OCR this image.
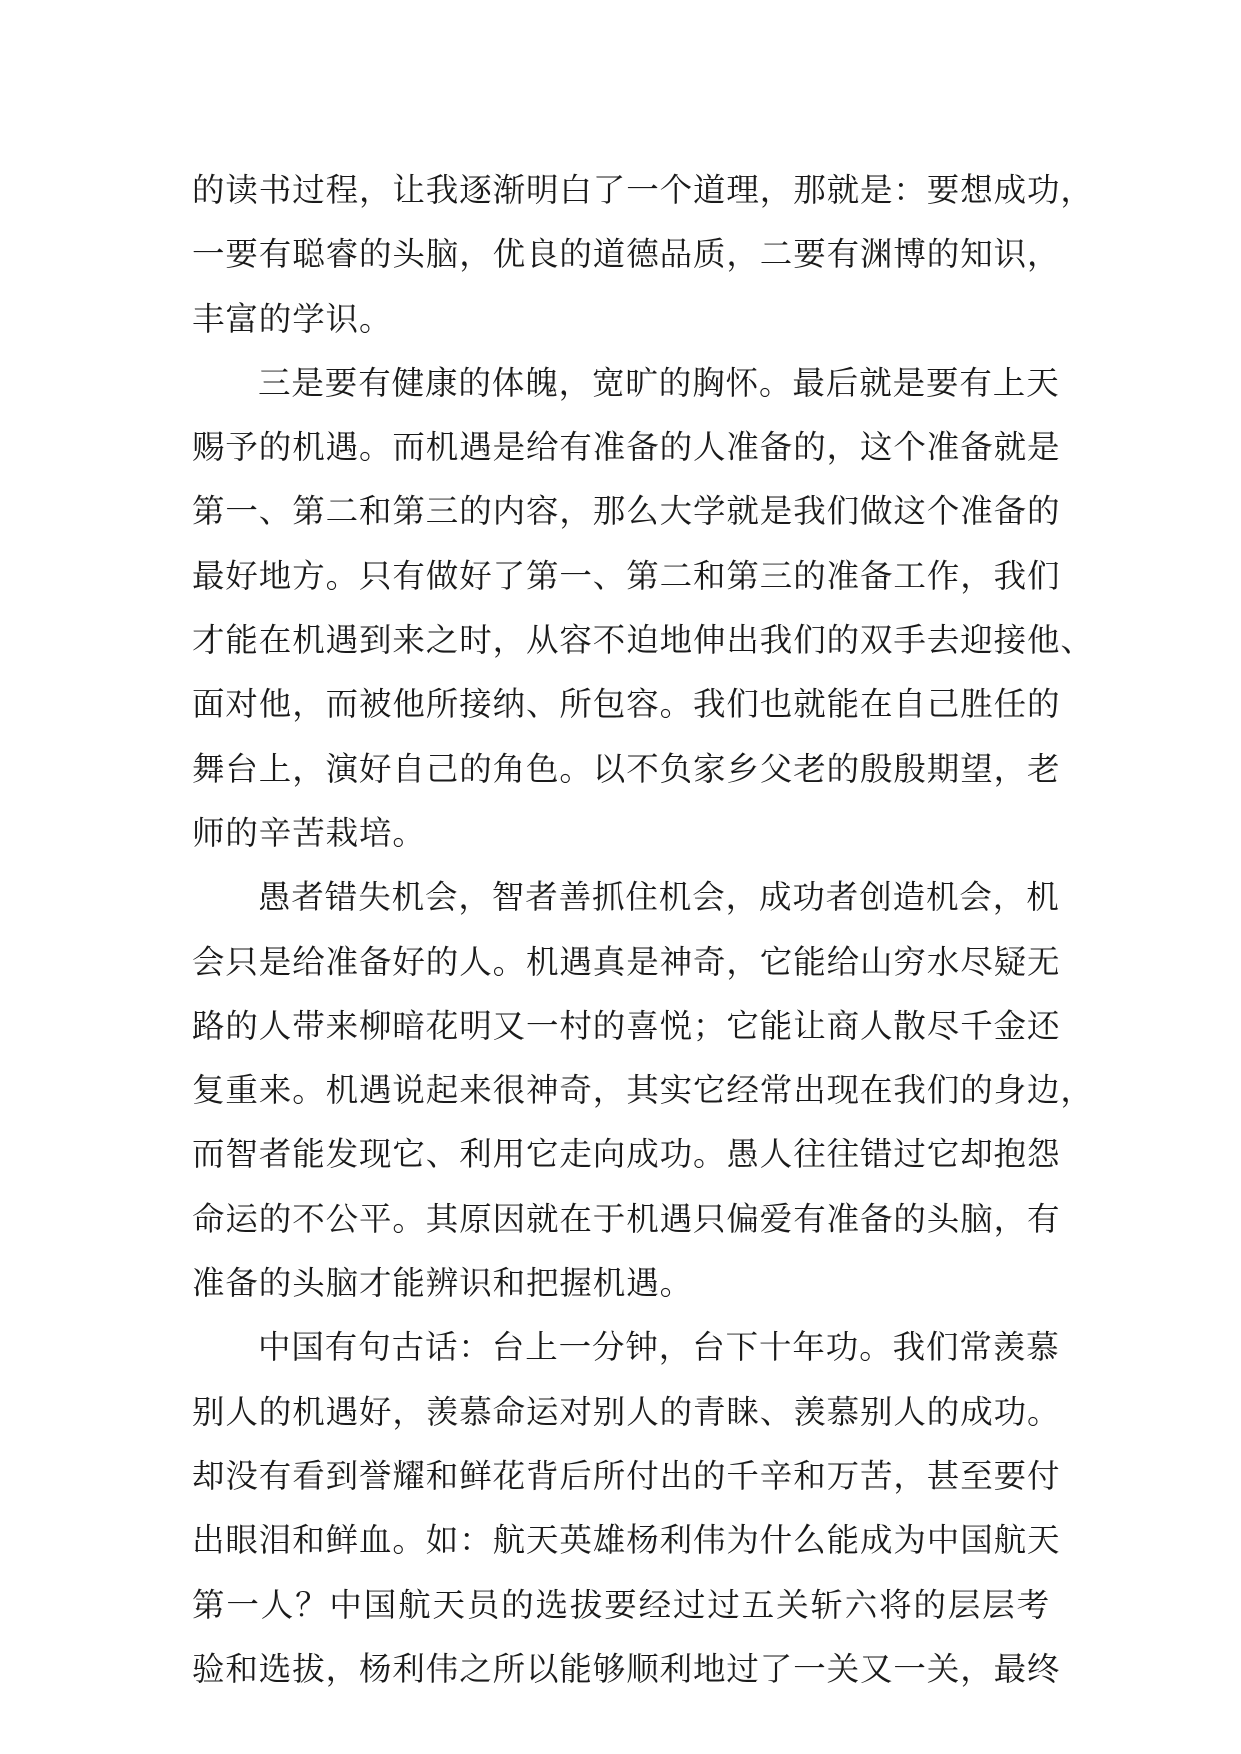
的读书过程，让我逐渐明白了一个道理，那就是：要想成功，
一要有聪睿的头脑，优良的道德品质，二要有渊博的知识，
丰富的学识。
三是要有健康的体魄，宽旷的胸怀。最后就是要有上天
赐予的机遇。而机遇是给有准备的人准备的，这个准备就是
第一、第二和第三的内容，那么大学就是我们做这个准备的
最好地方。只有做好了第一、第二和第三的准备工作，我们
才能在机遇到来之时，从容不迫地伸出我们的双手去迎接他、
面对他，而被他所接纳、所包容。我们也就能在自己胜任的
舞台上，演好自己的角色。以不负家乡父老的殷殷期望，老
师的辛苦栽培。
愚者错失机会，智者善抓住机会，成功者创造机会，机
会只是给准备好的人。机遇真是神奇，它能给山穷水尽疑无
路的人带来柳暗花明又一村的喜悦；它能让商人散尽千金还
复重来。机遇说起来很神奇，其实它经常出现在我们的身边，
而智者能发现它、利用它走向成功。愚人往往错过它却抱怨
命运的不公平。其原因就在于机遇只偏爱有准备的头脑，有
准备的头脑才能辨识和把握机遇。
中国有句古话：台上一分钟，台下十年功。我们常羡慕
别人的机遇好，羡慕命运对别人的青睐、羡慕别人的成功。
却没有看到誉耀和鲜花背后所付出的千辛和万苦，甚至要付
出眼泪和鲜血。如：航天英雄杨利伟为什么能成为中国航天
第一人？中国航天员的选拔要经过过五关斩六将的层层考
验和选拔，杨利伟之所以能够顺利地过了一关又一关，最终
